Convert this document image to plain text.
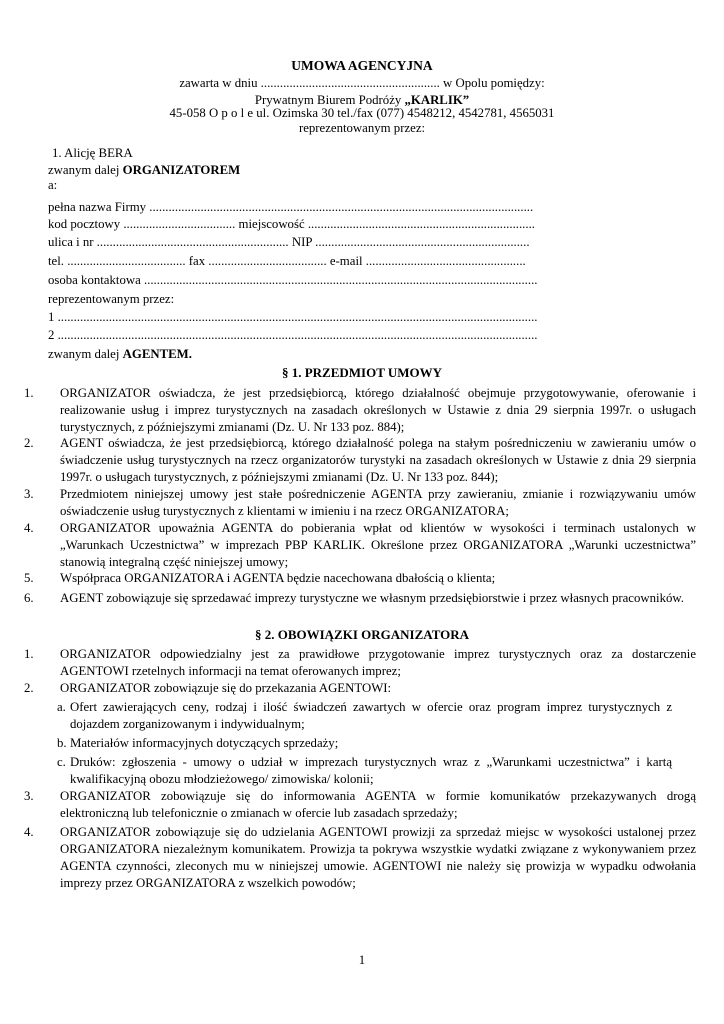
UMOWA AGENCYJNA
zawarta w dniu ........................................................ w Opolu pomiędzy:
Prywatnym Biurem Podróży „KARLIK”
45-058 O p o l e ul. Ozimska 30 tel./fax (077) 4548212, 4542781, 4565031
reprezentowanym przez:
1. Alicję BERA
zwanym dalej ORGANIZATOREM
a:
pełna nazwa Firmy ........................................................................................................................
kod pocztowy ................................... miejscowość .......................................................................
ulica i nr ............................................................ NIP ...................................................................
tel. ..................................... fax ..................................... e-mail ..................................................
osoba kontaktowa ...........................................................................................................................
reprezentowanym przez:
1 ......................................................................................................................................................
2 ......................................................................................................................................................
zwanym dalej AGENTEM.
§ 1. PRZEDMIOT UMOWY
1.	ORGANIZATOR oświadcza, że jest przedsiębiorcą, którego działalność obejmuje przygotowywanie, oferowanie i realizowanie usług i imprez turystycznych na zasadach określonych w Ustawie z dnia 29 sierpnia 1997r. o usługach turystycznych, z późniejszymi zmianami (Dz. U. Nr 133 poz. 884);
2.	AGENT oświadcza, że jest przedsiębiorcą, którego działalność polega na stałym pośredniczeniu w zawieraniu umów o świadczenie usług turystycznych na rzecz organizatorów turystyki na zasadach określonych w Ustawie z dnia 29 sierpnia 1997r. o usługach turystycznych, z późniejszymi zmianami (Dz. U. Nr 133 poz. 844);
3.	Przedmiotem niniejszej umowy jest stałe pośredniczenie AGENTA przy zawieraniu, zmianie i rozwiązywaniu umów oświadczenie usług turystycznych z klientami w imieniu i na rzecz ORGANIZATORA;
4.	ORGANIZATOR upoważnia AGENTA do pobierania wpłat od klientów w wysokości i terminach ustalonych w „Warunkach Uczestnictwa” w imprezach PBP KARLIK. Określone przez ORGANIZATORA „Warunki uczestnictwa” stanowią integralną część niniejszej umowy;
5.	Współpraca ORGANIZATORA i AGENTA będzie nacechowana dbałością o klienta;
6.	AGENT zobowiązuje się sprzedawać imprezy turystyczne we własnym przedsiębiorstwie i przez własnych pracowników.
§ 2. OBOWIĄZKI ORGANIZATORA
1.	ORGANIZATOR odpowiedzialny jest za prawidłowe przygotowanie imprez turystycznych oraz za dostarczenie AGENTOWI rzetelnych informacji na temat oferowanych imprez;
2.	ORGANIZATOR zobowiązuje się do przekazania AGENTOWI:
a. Ofert zawierających ceny, rodzaj i ilość świadczeń zawartych w ofercie oraz program imprez turystycznych z dojazdem zorganizowanym i indywidualnym;
b. Materiałów informacyjnych dotyczących sprzedaży;
c. Druków: zgłoszenia - umowy o udział w imprezach turystycznych wraz z „Warunkami uczestnictwa” i kartą kwalifikacyjną obozu młodzieżowego/ zimowiska/ kolonii;
3.	ORGANIZATOR zobowiązuje się do informowania AGENTA w formie komunikatów przekazywanych drogą elektroniczną lub telefonicznie o zmianach w ofercie lub zasadach sprzedaży;
4.	ORGANIZATOR zobowiązuje się do udzielania AGENTOWI prowizji za sprzedaż miejsc w wysokości ustalonej przez ORGANIZATORA niezależnym komunikatem. Prowizja ta pokrywa wszystkie wydatki związane z wykonywaniem przez AGENTA czynności, zleconych mu w niniejszej umowie. AGENTOWI nie należy się prowizja w wypadku odwołania imprezy przez ORGANIZATORA z wszelkich powodów;
1
